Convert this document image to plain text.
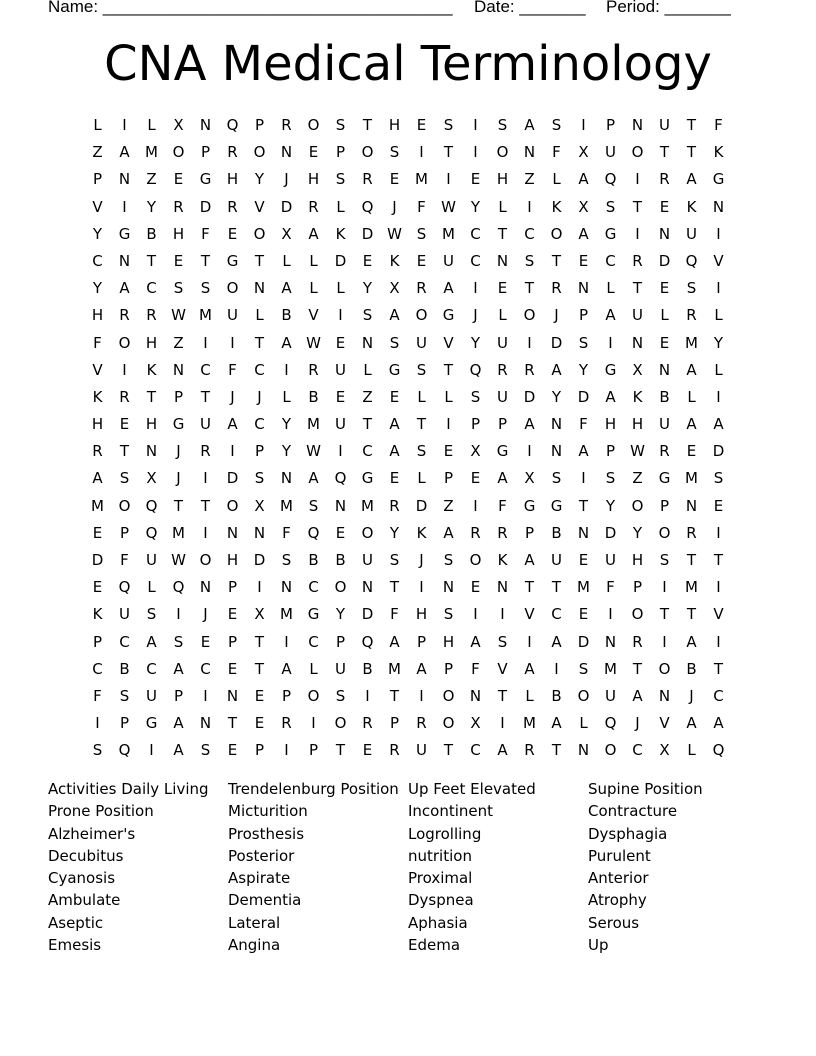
Name: _____________________________________ Date: _______ Period: _______
CNA Medical Terminology
L	I	L	X	N	Q	P	R	O	S	T	H	E	S	I	S	A	S	I	P	N	U	T	F
Z	A	M O	P	R	O	N	E	P	O	S	I	T	I	O	N	F	X	U	O	T	T	K
P	N	Z	E	G	H	Y	J	H	S	R	E	M	I	E	H	Z	L	A	Q	I	R	A	G
V	I	Y	R	D	R	V	D	R	L	Q	J	F	W Y	L	I	K	X	S	T	E	K	N
Y	G	B	H	F	E	O	X	A	K	D W S	M	C	T	C	O	A	G	I	N	U	I
C	N	T	E	T	G	T	L	L	D	E	K	E	U	C	N	S	T	E	C	R	D	Q	V
Y	A	C	S	S	O	N	A	L	L	Y	X	R	A	I	E	T	R	N	L	T	E	S	I
H	R	R W M	U	L	B	V	I	S	A	O	G	J	L	O	J	P	A	U	L	R	L
F	O	H	Z	I	I	T	A W E	N	S	U	V	Y	U	I	D	S	I	N	E	M	Y
V	I	K	N	C	F	C	I	R	U	L	G	S	T	Q	R	R	A	Y	G	X	N	A	L
K	R	T	P	T	J	J	L	B	E	Z	E	L	L	S	U	D	Y	D	A	K	B	L	I
H	E	H	G	U	A	C	Y	M	U	T	A	T	I	P	P	A	N	F	H	H	U	A	A
R	T	N	J	R	I	P	Y	W	I	C	A	S	E	X	G	I	N	A	P	W R	E	D
A	S	X	J	I	D	S	N	A	Q	G	E	L	P	E	A	X	S	I	S	Z	G M	S
M O	Q	T	T	O	X	M	S	N M	R	D	Z	I	F	G	G	T	Y	O	P	N	E
E	P	Q M	I	N	N	F	Q	E	O	Y	K	A	R	R	P	B	N	D	Y	O	R	I
D	F	U W O	H	D	S	B	B	U	S	J	S	O	K	A	U	E	U	H	S	T	T
E	Q	L	Q	N	P	I	N	C	O	N	T	I	N	E	N	T	T	M	F	P	I	M	I
K	U	S	I	J	E	X	M G	Y	D	F	H	S	I	I	V	C	E	I	O	T	T	V
P	C	A	S	E	P	T	I	C	P	Q	A	P	H	A	S	I	A	D	N	R	I	A	I
C	B	C	A	C	E	T	A	L	U	B	M	A	P	F	V	A	I	S	M	T	O	B	T
F	S	U	P	I	N	E	P	O	S	I	T	I	O	N	T	L	B	O	U	A	N	J	C
I	P	G	A	N	T	E	R	I	O	R	P	R	O	X	I	M	A	L	Q	J	V	A	A
S	Q	I	A	S	E	P	I	P	T	E	R	U	T	C	A	R	T	N	O	C	X	L	Q
Activities Daily Living
Prone Position
Alzheimer's
Decubitus
Cyanosis
Ambulate
Aseptic
Emesis
Trendelenburg Position
Micturition
Prosthesis
Posterior
Aspirate
Dementia
Lateral
Angina
Up Feet Elevated
Incontinent
Logrolling
nutrition
Proximal
Dyspnea
Aphasia
Edema
Supine Position
Contracture
Dysphagia
Purulent
Anterior
Atrophy
Serous
Up
